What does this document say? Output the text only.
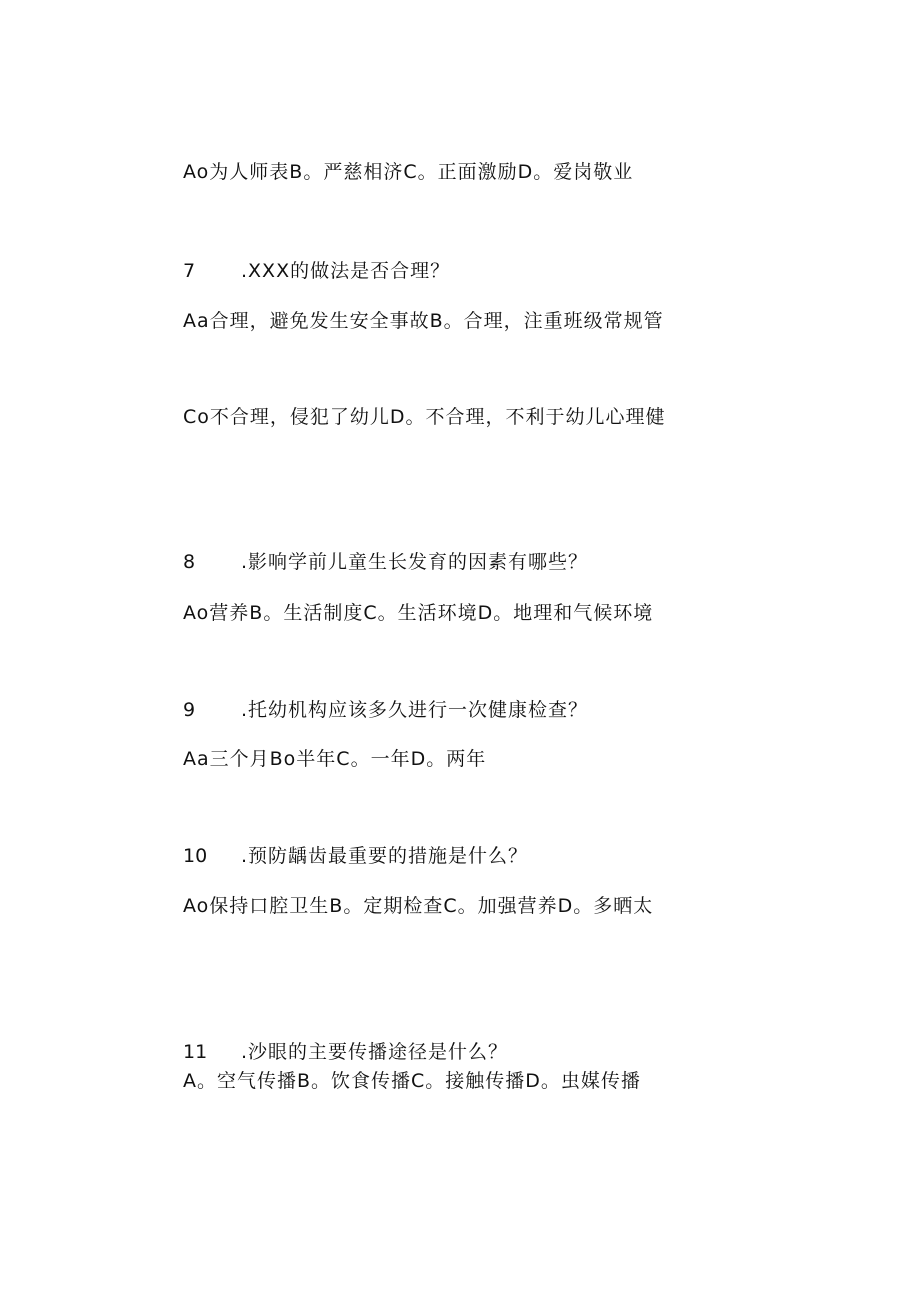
Ao为人师表B。严慈相济C。正面激励D。爱岗敬业
7 .XXX的做法是否合理？
Aa合理，避免发生安全事故B。合理，注重班级常规管
Co不合理，侵犯了幼儿D。不合理，不利于幼儿心理健
8 .影响学前儿童生长发育的因素有哪些？
Ao营养B。生活制度C。生活环境D。地理和气候环境
9 .托幼机构应该多久进行一次健康检查？
Aa三个月Bo半年C。一年D。两年
10 .预防龋齿最重要的措施是什么？
Ao保持口腔卫生B。定期检查C。加强营养D。多晒太
11 .沙眼的主要传播途径是什么？
A。空气传播B。饮食传播C。接触传播D。虫媒传播
